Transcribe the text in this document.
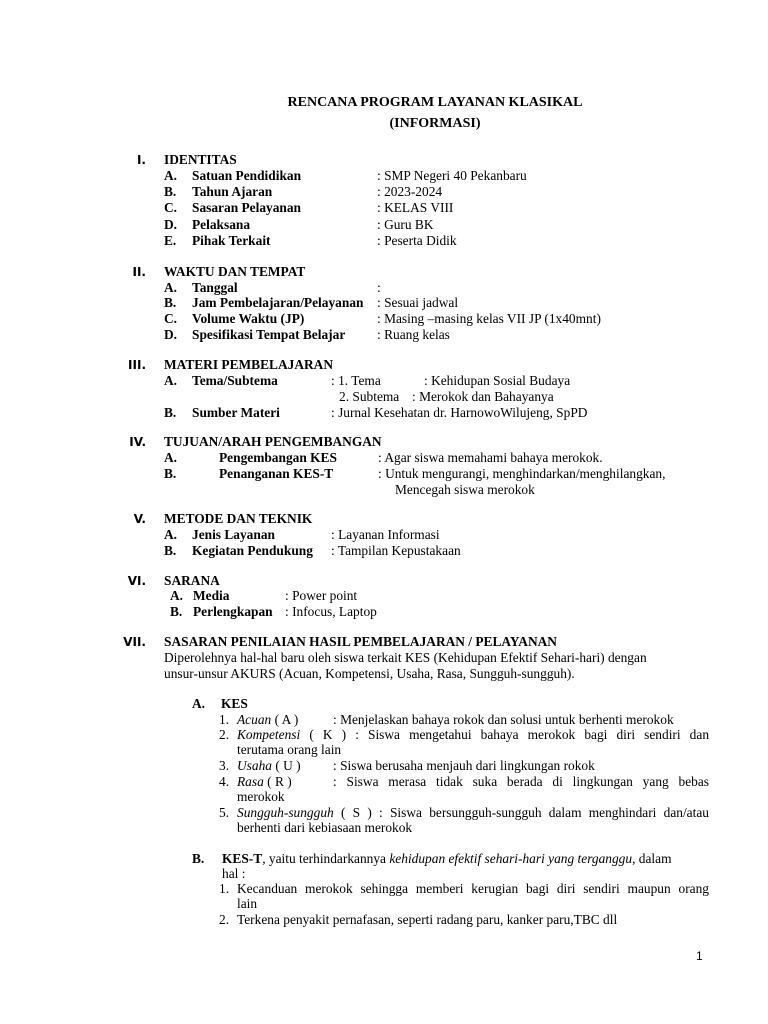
RENCANA PROGRAM LAYANAN KLASIKAL
(INFORMASI)
I. IDENTITAS
A. Satuan Pendidikan	: SMP Negeri 40 Pekanbaru
B. Tahun Ajaran	: 2023-2024
C. Sasaran Pelayanan	: KELAS VIII
D. Pelaksana	: Guru BK
E. Pihak Terkait	: Peserta Didik
II. WAKTU DAN TEMPAT
A. Tanggal	:
B. Jam Pembelajaran/Pelayanan : Sesuai jadwal
C. Volume Waktu (JP)	: Masing –masing kelas VII JP (1x40mnt)
D. Spesifikasi Tempat Belajar : Ruang kelas
III. MATERI PEMBELAJARAN
A. Tema/Subtema	: 1. Tema	: Kehidupan Sosial Budaya
2. Subtema : Merokok dan Bahayanya
B. Sumber Materi	: Jurnal Kesehatan dr. HarnowoWilujeng, SpPD
IV. TUJUAN/ARAH PENGEMBANGAN
A.	Pengembangan KES	: Agar siswa memahami bahaya merokok.
B.	Penanganan KES-T	: Untuk mengurangi, menghindarkan/menghilangkan,
Mencegah siswa merokok
V. METODE DAN TEKNIK
A. Jenis Layanan	: Layanan Informasi
B. Kegiatan Pendukung : Tampilan Kepustakaan
VI. SARANA
A. Media	: Power point
B. Perlengkapan : Infocus, Laptop
VII. SASARAN PENILAIAN HASIL PEMBELAJARAN / PELAYANAN
Diperolehnya hal-hal baru oleh siswa terkait KES (Kehidupan Efektif Sehari-hari) dengan
unsur-unsur AKURS (Acuan, Kompetensi, Usaha, Rasa, Sungguh-sungguh).
A. KES
1. Acuan ( A )	: Menjelaskan bahaya rokok dan solusi untuk berhenti merokok
2. Kompetensi ( K ) : Siswa mengetahui bahaya merokok bagi diri sendiri dan
terutama orang lain
3. Usaha ( U ) : Siswa berusaha menjauh dari lingkungan rokok
4. Rasa ( R )	: Siswa merasa tidak suka berada di lingkungan yang bebas
merokok
5. Sungguh-sungguh ( S ) : Siswa bersungguh-sungguh dalam menghindari dan/atau
berhenti dari kebiasaan merokok
B. KES-T, yaitu terhindarkannya kehidupan efektif sehari-hari yang terganggu, dalam
hal :
1. Kecanduan merokok sehingga memberi kerugian bagi diri sendiri maupun orang
lain
2. Terkena penyakit pernafasan, seperti radang paru, kanker paru,TBC dll
1
